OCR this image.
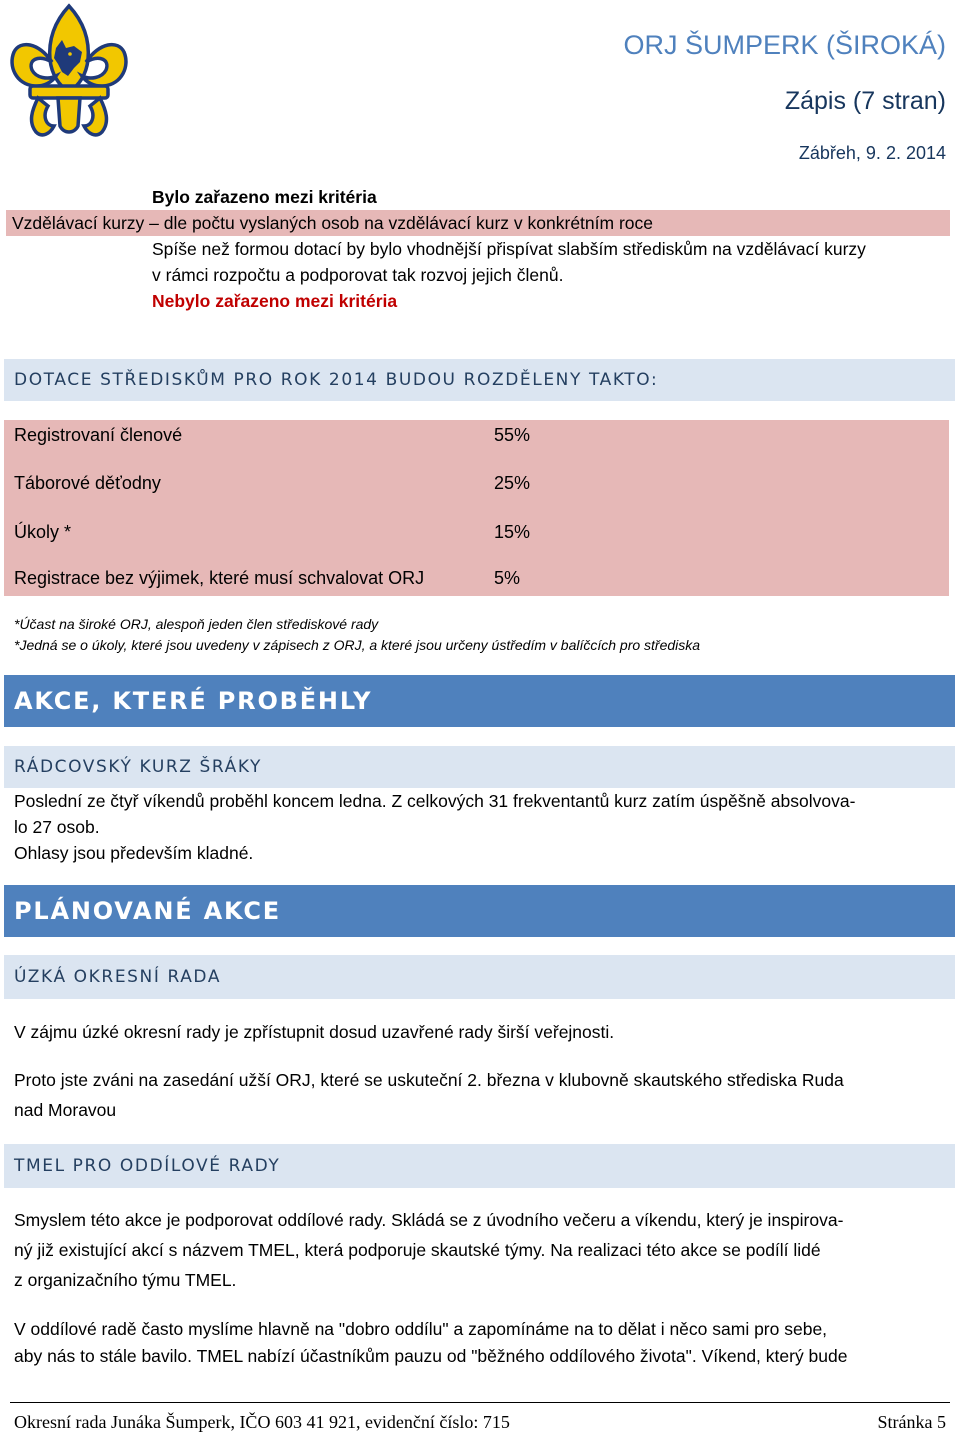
ORJ ŠUMPERK (ŠIROKÁ)
Zápis (7 stran)
Zábřeh, 9. 2. 2014
Bylo zařazeno mezi kritéria
Vzdělávací kurzy – dle počtu vyslaných osob na vzdělávací kurz v konkrétním roce
Spíše než formou dotací by bylo vhodnější přispívat slabším střediskům na vzdělávací kurzy
v rámci rozpočtu a podporovat tak rozvoj jejich členů.
Nebylo zařazeno mezi kritéria
DOTACE STŘEDISKŮM PRO ROK 2014 BUDOU ROZDĚLENY TAKTO:
Registrovaní členové	55%
Táborové děťodny	25%
Úkoly *	15%
Registrace bez výjimek, které musí schvalovat ORJ	5%
*Účast na široké ORJ, alespoň jeden člen střediskové rady
*Jedná se o úkoly, které jsou uvedeny v zápisech z ORJ, a které jsou určeny ústředím v balíčcích pro střediska
AKCE, KTERÉ PROBĚHLY
RÁDCOVSKÝ KURZ ŠRÁKY
Poslední ze čtyř víkendů proběhl koncem ledna. Z celkových 31 frekventantů kurz zatím úspěšně absolvova-
lo 27 osob.
Ohlasy jsou především kladné.
PLÁNOVANÉ AKCE
ÚZKÁ OKRESNÍ RADA
V zájmu úzké okresní rady je zpřístupnit dosud uzavřené rady širší veřejnosti.
Proto jste zváni na zasedání užší ORJ, které se uskuteční 2. března v klubovně skautského střediska Ruda
nad Moravou
TMEL PRO ODDÍLOVÉ RADY
Smyslem této akce je podporovat oddílové rady. Skládá se z úvodního večeru a víkendu, který je inspirova-
ný již existující akcí s názvem TMEL, která podporuje skautské týmy. Na realizaci této akce se podílí lidé
z organizačního týmu TMEL.
V oddílové radě často myslíme hlavně na "dobro oddílu" a zapomínáme na to dělat i něco sami pro sebe,
aby nás to stále bavilo. TMEL nabízí účastníkům pauzu od "běžného oddílového života". Víkend, který bude
Okresní rada Junáka Šumperk, IČO 603 41 921, evidenční číslo: 715	Stránka 5
